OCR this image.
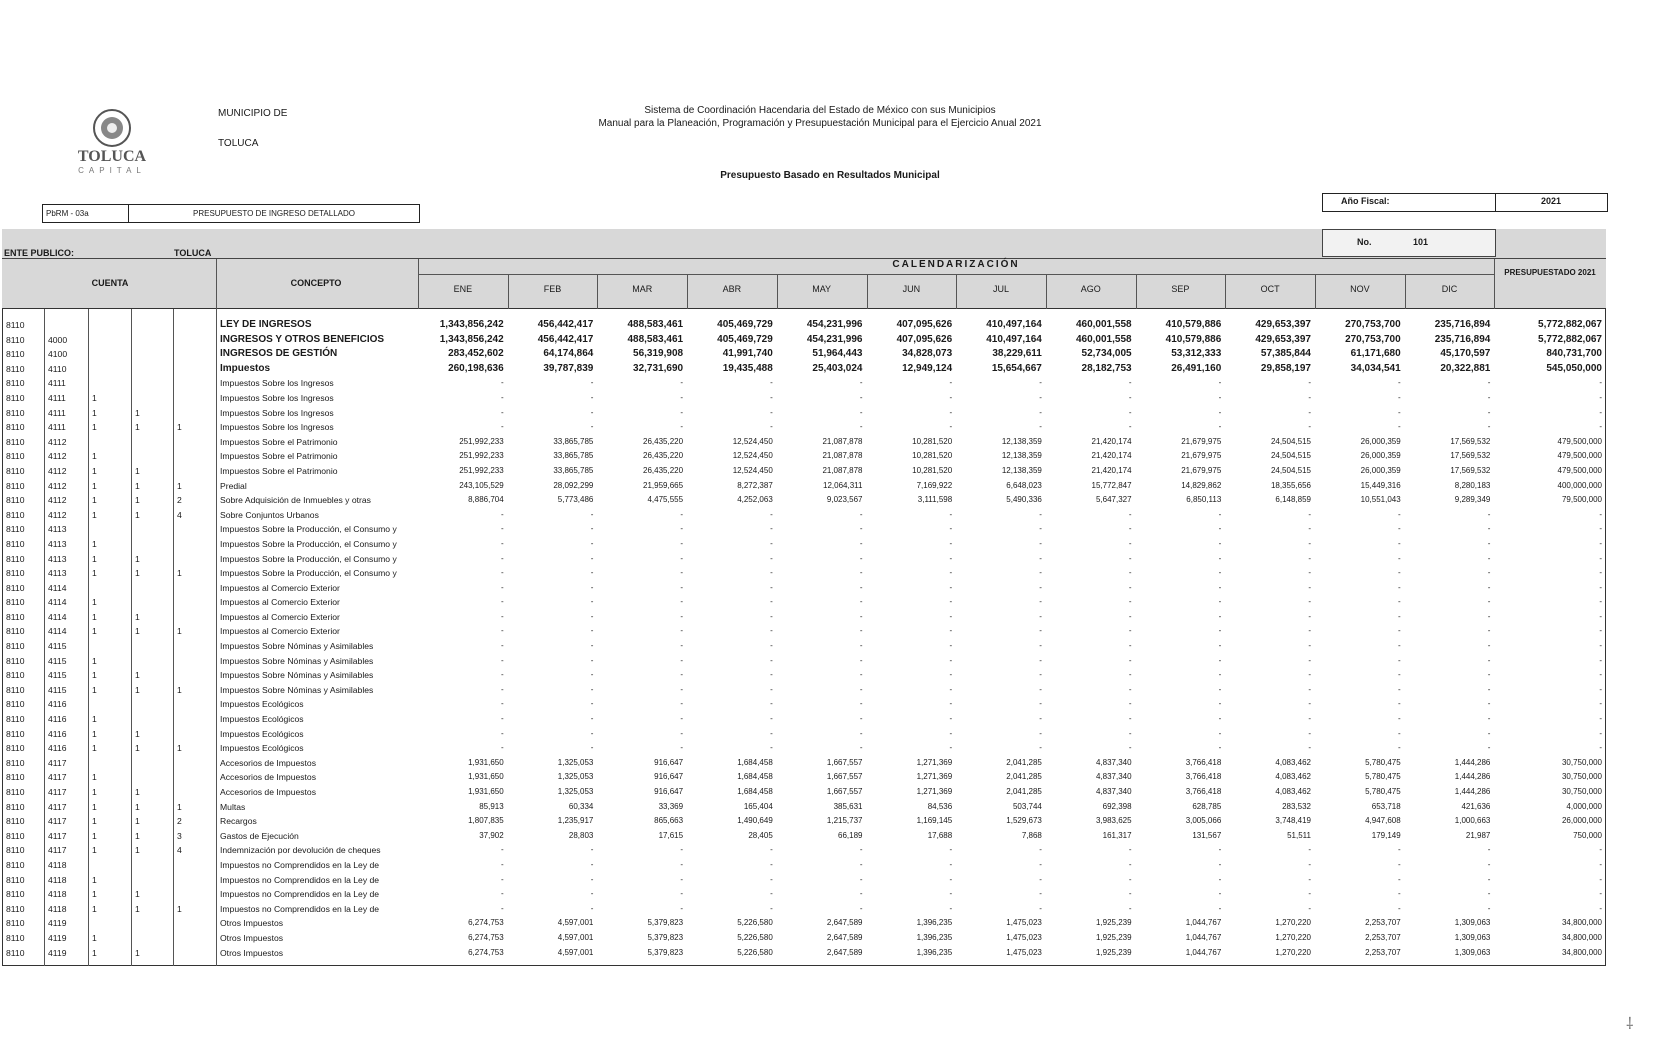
TOLUCA
CAPITAL
MUNICIPIO DE
TOLUCA
Sistema de Coordinación Hacendaria del Estado de México con sus Municipios
Manual para la Planeación, Programación y Presupuestación Municipal para el Ejercicio Anual 2021
Presupuesto Basado en Resultados Municipal
PbRM - 03a	PRESUPUESTO DE INGRESO DETALLADO
Año Fiscal:	2021
No.	101
ENTE PUBLICO:	TOLUCA
CUENTA	CONCEPTO
CALENDARIZACIÓN
PRESUPUESTADO 2021
ENE	FEB	MAR	ABR	MAY	JUN	JUL	AGO	SEP	OCT	NOV	DIC
8110	LEY DE INGRESOS	1,343,856,242	456,442,417	488,583,461	405,469,729	454,231,996	407,095,626	410,497,164	460,001,558	410,579,886	429,653,397	270,753,700	235,716,894	5,772,882,067
8110	4000	INGRESOS Y OTROS BENEFICIOS	1,343,856,242	456,442,417	488,583,461	405,469,729	454,231,996	407,095,626	410,497,164	460,001,558	410,579,886	429,653,397	270,753,700	235,716,894	5,772,882,067
8110	4100	INGRESOS DE GESTIÓN	283,452,602	64,174,864	56,319,908	41,991,740	51,964,443	34,828,073	38,229,611	52,734,005	53,312,333	57,385,844	61,171,680	45,170,597	840,731,700
8110	4110	Impuestos	260,198,636	39,787,839	32,731,690	19,435,488	25,403,024	12,949,124	15,654,667	28,182,753	26,491,160	29,858,197	34,034,541	20,322,881	545,050,000
8110	4111	Impuestos Sobre los Ingresos	-	-	-	-	-	-	-	-	-	-	-	-	-
8110	4111	1	Impuestos Sobre los Ingresos	-	-	-	-	-	-	-	-	-	-	-	-	-
8110	4111	1	1	Impuestos Sobre los Ingresos	-	-	-	-	-	-	-	-	-	-	-	-	-
8110	4111	1	1	1	Impuestos Sobre los Ingresos	-	-	-	-	-	-	-	-	-	-	-	-	-
8110	4112	Impuestos Sobre el Patrimonio	251,992,233	33,865,785	26,435,220	12,524,450	21,087,878	10,281,520	12,138,359	21,420,174	21,679,975	24,504,515	26,000,359	17,569,532	479,500,000
8110	4112	1	Impuestos Sobre el Patrimonio	251,992,233	33,865,785	26,435,220	12,524,450	21,087,878	10,281,520	12,138,359	21,420,174	21,679,975	24,504,515	26,000,359	17,569,532	479,500,000
8110	4112	1	1	Impuestos Sobre el Patrimonio	251,992,233	33,865,785	26,435,220	12,524,450	21,087,878	10,281,520	12,138,359	21,420,174	21,679,975	24,504,515	26,000,359	17,569,532	479,500,000
8110	4112	1	1	1	Predial	243,105,529	28,092,299	21,959,665	8,272,387	12,064,311	7,169,922	6,648,023	15,772,847	14,829,862	18,355,656	15,449,316	8,280,183	400,000,000
8110	4112	1	1	2	Sobre Adquisición de Inmuebles y otras	8,886,704	5,773,486	4,475,555	4,252,063	9,023,567	3,111,598	5,490,336	5,647,327	6,850,113	6,148,859	10,551,043	9,289,349	79,500,000
8110	4112	1	1	4	Sobre Conjuntos Urbanos	-	-	-	-	-	-	-	-	-	-	-	-	-
8110	4113	Impuestos Sobre la Producción, el Consumo y	-	-	-	-	-	-	-	-	-	-	-	-	-
8110	4113	1	Impuestos Sobre la Producción, el Consumo y	-	-	-	-	-	-	-	-	-	-	-	-	-
8110	4113	1	1	Impuestos Sobre la Producción, el Consumo y	-	-	-	-	-	-	-	-	-	-	-	-	-
8110	4113	1	1	1	Impuestos Sobre la Producción, el Consumo y	-	-	-	-	-	-	-	-	-	-	-	-	-
8110	4114	Impuestos al Comercio Exterior	-	-	-	-	-	-	-	-	-	-	-	-	-
8110	4114	1	Impuestos al Comercio Exterior	-	-	-	-	-	-	-	-	-	-	-	-	-
8110	4114	1	1	Impuestos al Comercio Exterior	-	-	-	-	-	-	-	-	-	-	-	-	-
8110	4114	1	1	1	Impuestos al Comercio Exterior	-	-	-	-	-	-	-	-	-	-	-	-	-
8110	4115	Impuestos Sobre Nóminas y Asimilables	-	-	-	-	-	-	-	-	-	-	-	-	-
8110	4115	1	Impuestos Sobre Nóminas y Asimilables	-	-	-	-	-	-	-	-	-	-	-	-	-
8110	4115	1	1	Impuestos Sobre Nóminas y Asimilables	-	-	-	-	-	-	-	-	-	-	-	-	-
8110	4115	1	1	1	Impuestos Sobre Nóminas y Asimilables	-	-	-	-	-	-	-	-	-	-	-	-	-
8110	4116	Impuestos Ecológicos	-	-	-	-	-	-	-	-	-	-	-	-	-
8110	4116	1	Impuestos Ecológicos	-	-	-	-	-	-	-	-	-	-	-	-	-
8110	4116	1	1	Impuestos Ecológicos	-	-	-	-	-	-	-	-	-	-	-	-	-
8110	4116	1	1	1	Impuestos Ecológicos	-	-	-	-	-	-	-	-	-	-	-	-	-
8110	4117	Accesorios de Impuestos	1,931,650	1,325,053	916,647	1,684,458	1,667,557	1,271,369	2,041,285	4,837,340	3,766,418	4,083,462	5,780,475	1,444,286	30,750,000
8110	4117	1	Accesorios de Impuestos	1,931,650	1,325,053	916,647	1,684,458	1,667,557	1,271,369	2,041,285	4,837,340	3,766,418	4,083,462	5,780,475	1,444,286	30,750,000
8110	4117	1	1	Accesorios de Impuestos	1,931,650	1,325,053	916,647	1,684,458	1,667,557	1,271,369	2,041,285	4,837,340	3,766,418	4,083,462	5,780,475	1,444,286	30,750,000
8110	4117	1	1	1	Multas	85,913	60,334	33,369	165,404	385,631	84,536	503,744	692,398	628,785	283,532	653,718	421,636	4,000,000
8110	4117	1	1	2	Recargos	1,807,835	1,235,917	865,663	1,490,649	1,215,737	1,169,145	1,529,673	3,983,625	3,005,066	3,748,419	4,947,608	1,000,663	26,000,000
8110	4117	1	1	3	Gastos de Ejecución	37,902	28,803	17,615	28,405	66,189	17,688	7,868	161,317	131,567	51,511	179,149	21,987	750,000
8110	4117	1	1	4	Indemnización por devolución de cheques	-	-	-	-	-	-	-	-	-	-	-	-	-
8110	4118	Impuestos no Comprendidos en la Ley de	-	-	-	-	-	-	-	-	-	-	-	-	-
8110	4118	1	Impuestos no Comprendidos en la Ley de	-	-	-	-	-	-	-	-	-	-	-	-	-
8110	4118	1	1	Impuestos no Comprendidos en la Ley de	-	-	-	-	-	-	-	-	-	-	-	-	-
8110	4118	1	1	1	Impuestos no Comprendidos en la Ley de	-	-	-	-	-	-	-	-	-	-	-	-	-
8110	4119	Otros Impuestos	6,274,753	4,597,001	5,379,823	5,226,580	2,647,589	1,396,235	1,475,023	1,925,239	1,044,767	1,270,220	2,253,707	1,309,063	34,800,000
8110	4119	1	Otros Impuestos	6,274,753	4,597,001	5,379,823	5,226,580	2,647,589	1,396,235	1,475,023	1,925,239	1,044,767	1,270,220	2,253,707	1,309,063	34,800,000
8110	4119	1	1	Otros Impuestos	6,274,753	4,597,001	5,379,823	5,226,580	2,647,589	1,396,235	1,475,023	1,925,239	1,044,767	1,270,220	2,253,707	1,309,063	34,800,000
⸸
